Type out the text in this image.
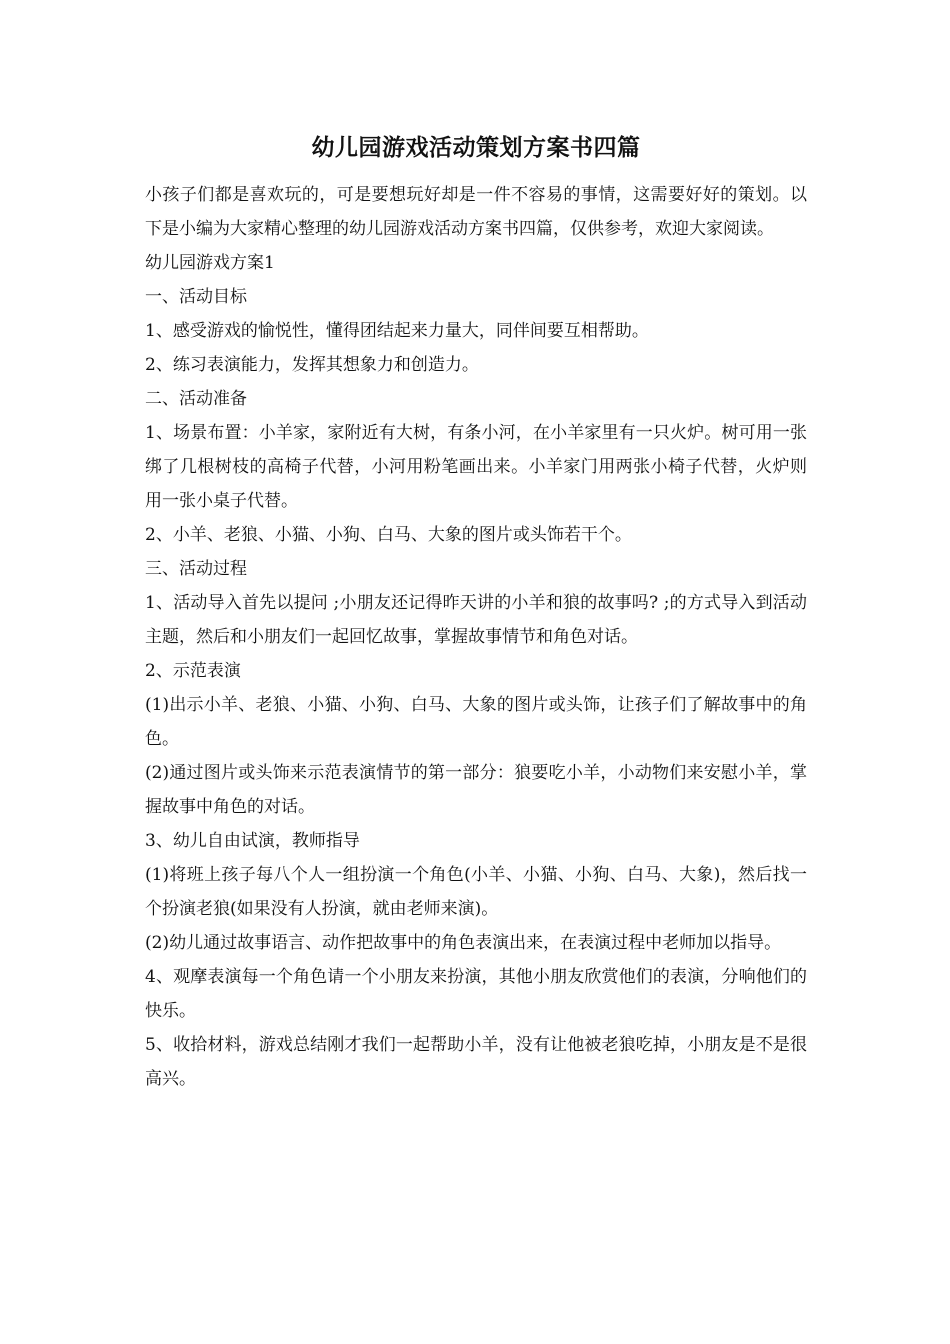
幼儿园游戏活动策划方案书四篇

小孩子们都是喜欢玩的，可是要想玩好却是一件不容易的事情，这需要好好的策划。以下是小编为大家精心整理的幼儿园游戏活动方案书四篇，仅供参考，欢迎大家阅读。

幼儿园游戏方案1

一、活动目标

1、感受游戏的愉悦性，懂得团结起来力量大，同伴间要互相帮助。

2、练习表演能力，发挥其想象力和创造力。

二、活动准备

1、场景布置：小羊家，家附近有大树，有条小河，在小羊家里有一只火炉。树可用一张绑了几根树枝的高椅子代替，小河用粉笔画出来。小羊家门用两张小椅子代替，火炉则用一张小桌子代替。

2、小羊、老狼、小猫、小狗、白马、大象的图片或头饰若干个。

三、活动过程

1、活动导入首先以提问 ;小朋友还记得昨天讲的小羊和狼的故事吗? ;的方式导入到活动主题，然后和小朋友们一起回忆故事，掌握故事情节和角色对话。

2、示范表演

(1)出示小羊、老狼、小猫、小狗、白马、大象的图片或头饰，让孩子们了解故事中的角色。

(2)通过图片或头饰来示范表演情节的第一部分：狼要吃小羊，小动物们来安慰小羊，掌握故事中角色的对话。

3、幼儿自由试演，教师指导

(1)将班上孩子每八个人一组扮演一个角色(小羊、小猫、小狗、白马、大象)，然后找一个扮演老狼(如果没有人扮演，就由老师来演)。

(2)幼儿通过故事语言、动作把故事中的角色表演出来，在表演过程中老师加以指导。

4、观摩表演每一个角色请一个小朋友来扮演，其他小朋友欣赏他们的表演，分响他们的快乐。

5、收拾材料，游戏总结刚才我们一起帮助小羊，没有让他被老狼吃掉，小朋友是不是很高兴。
